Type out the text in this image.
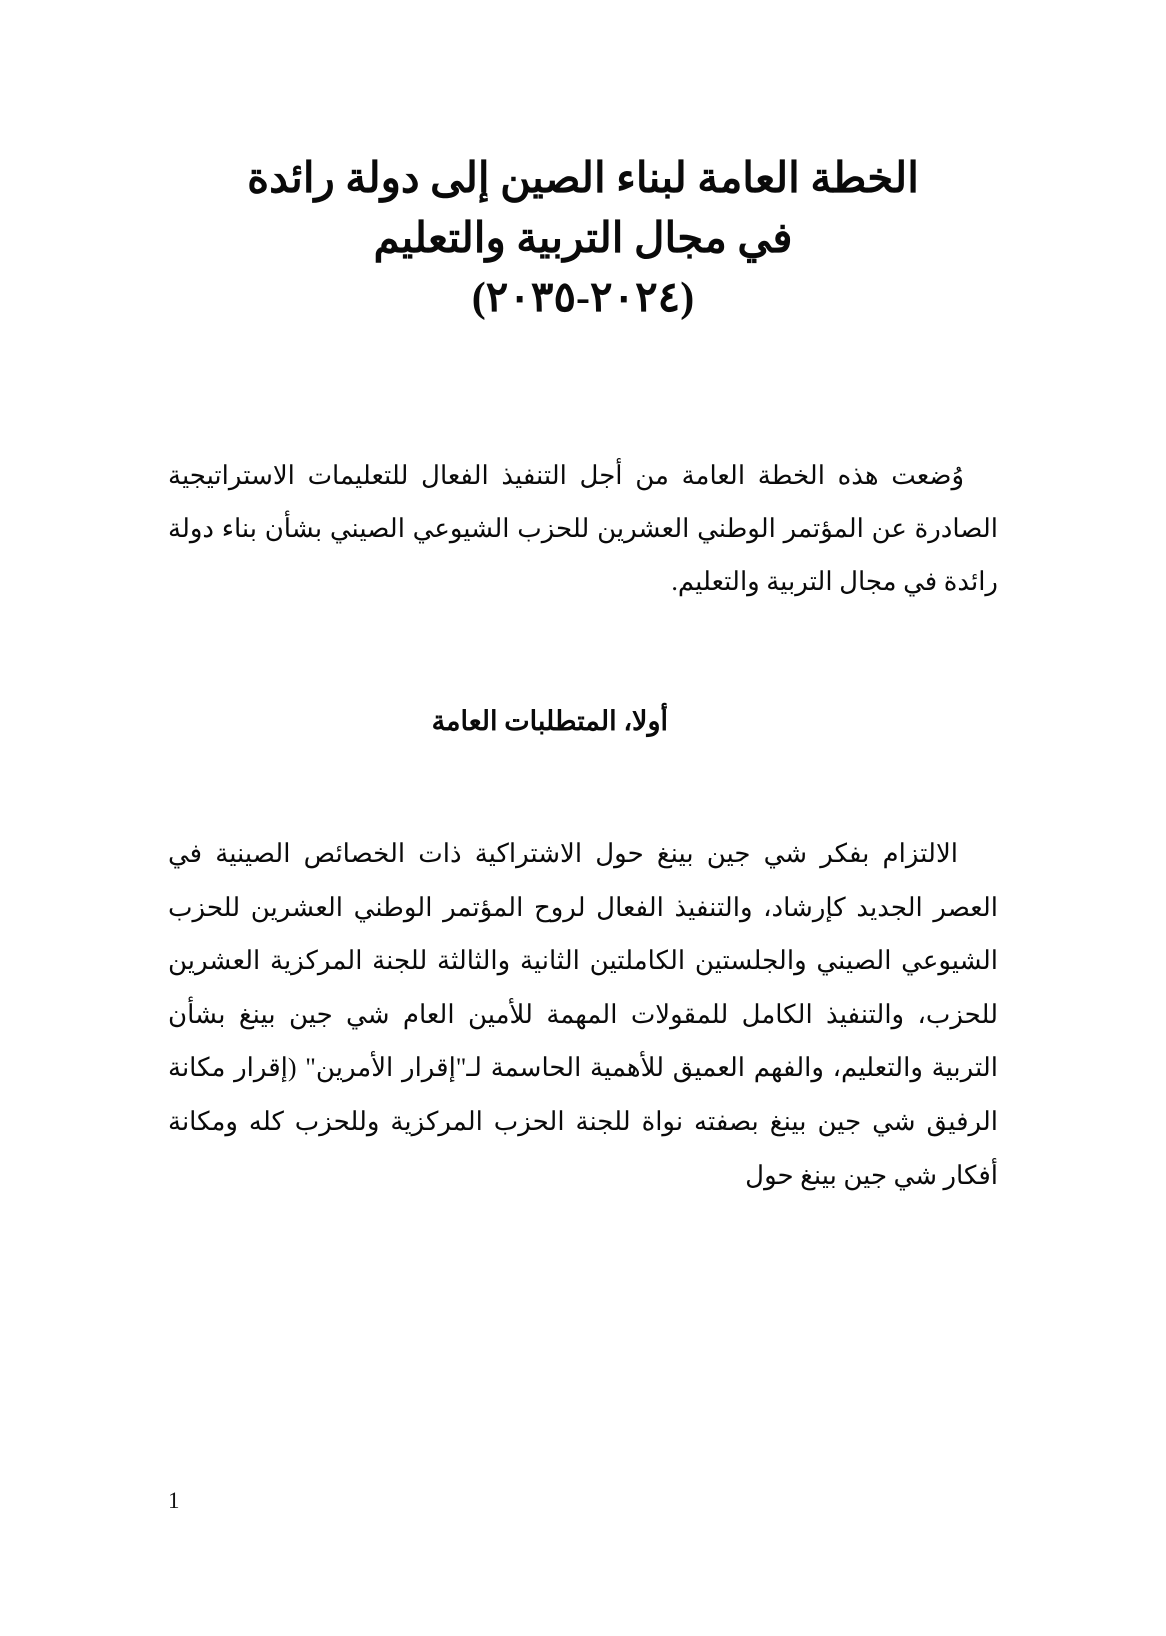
الخطة العامة لبناء الصين إلى دولة رائدة
في مجال التربية والتعليم
(٢٠٢٤-٢٠٣٥)

وُضعت هذه الخطة العامة من أجل التنفيذ الفعال للتعليمات الاستراتيجية الصادرة عن المؤتمر الوطني العشرين للحزب الشيوعي الصيني بشأن بناء دولة رائدة في مجال التربية والتعليم.

أولا، المتطلبات العامة

الالتزام بفكر شي جين بينغ حول الاشتراكية ذات الخصائص الصينية في العصر الجديد كإرشاد، والتنفيذ الفعال لروح المؤتمر الوطني العشرين للحزب الشيوعي الصيني والجلستين الكاملتين الثانية والثالثة للجنة المركزية العشرين للحزب، والتنفيذ الكامل للمقولات المهمة للأمين العام شي جين بينغ بشأن التربية والتعليم، والفهم العميق للأهمية الحاسمة لـ"إقرار الأمرين" (إقرار مكانة الرفيق شي جين بينغ بصفته نواة للجنة الحزب المركزية وللحزب كله ومكانة أفكار شي جين بينغ حول

1
